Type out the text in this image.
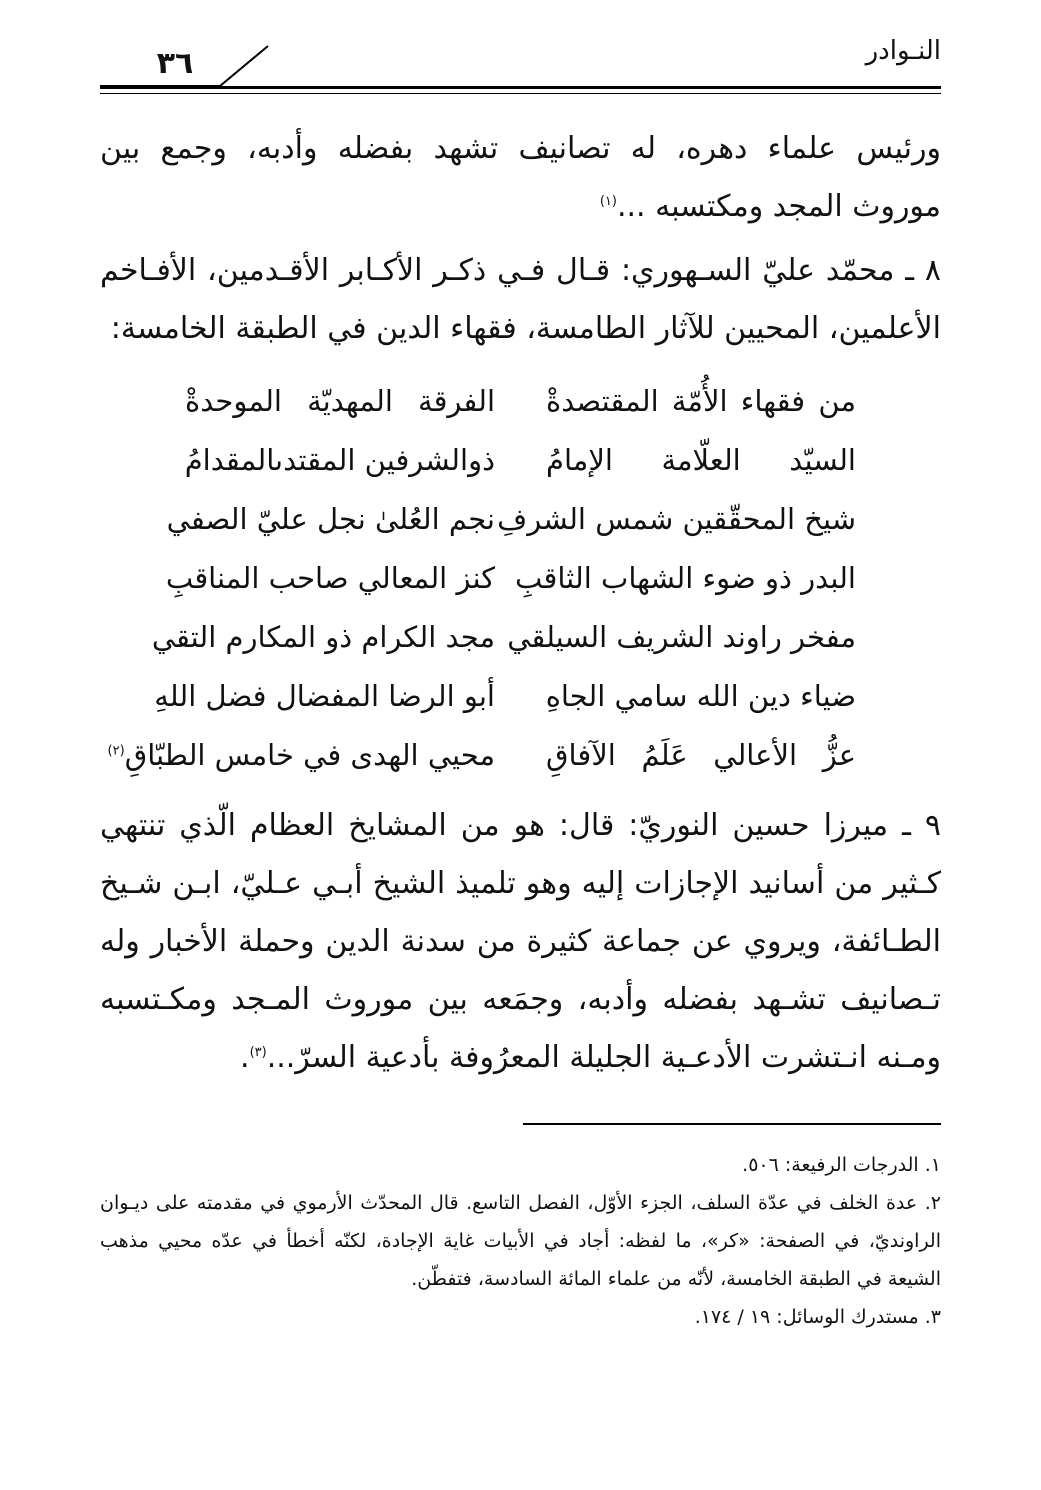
النـوادر
٣٦

ورئيس علماء دهره، له تصانيف تشهد بفضله وأدبه، وجمع بين موروث المجد ومكتسبه ...$^{(١)}$

٨ ـ محمّد عليّ السـهوري: قـال فـي ذكـر الأكـابر الأقـدمين، الأفـاخم الأعلمين، المحيين للآثار الطامسة، فقهاء الدين في الطبقة الخامسة:

من فقهاء الأُمّة المقتصدةْ
الفرقة المهديّة الموحدةْ
السيّد العلّامة الإمامُ
ذوالشرفين المقتدىالمقدامُ
شيخ المحقّقين شمس الشرفِ
نجم العُلىٰ نجل عليّ الصفي
البدر ذو ضوء الشهاب الثاقبِ
كنز المعالي صاحب المناقبِ
مفخر راوند الشريف السيلقي
مجد الكرام ذو المكارم التقي
ضياء دين الله سامي الجاهِ
أبو الرضا المفضال فضل اللهِ
عزُّ الأعالي عَلَمُ الآفاقِ
محيي الهدى في خامس الطبّاقِ$^{(٢)}$

٩ ـ ميرزا حسين النوريّ: قال: هو من المشايخ العظام الّذي تنتهي كـثير من أسانيد الإجازات إليه وهو تلميذ الشيخ أبـي عـليّ، ابـن شـيخ الطـائفة، ويروي عن جماعة كثيرة من سدنة الدين وحملة الأخبار وله تـصانيف تشـهد بفضله وأدبه، وجمَعه بين موروث المـجد ومكـتسبه ومـنه انـتشرت الأدعـية الجليلة المعرُوفة بأدعية السرّ...$^{(٣)}$.

١. الدرجات الرفيعة: ٥٠٦.

٢. عدة الخلف في عدّة السلف، الجزء الأوّل، الفصل التاسع. قال المحدّث الأرموي في مقدمته على ديـوان الراونديّ، في الصفحة: «كر»، ما لفظه: أجاد في الأبيات غاية الإجادة، لكنّه أخطأ في عدّه محيي مذهب الشيعة في الطبقة الخامسة، لأنّه من علماء المائة السادسة، فتفطّن.

٣. مستدرك الوسائل: ١٩ / ١٧٤.
